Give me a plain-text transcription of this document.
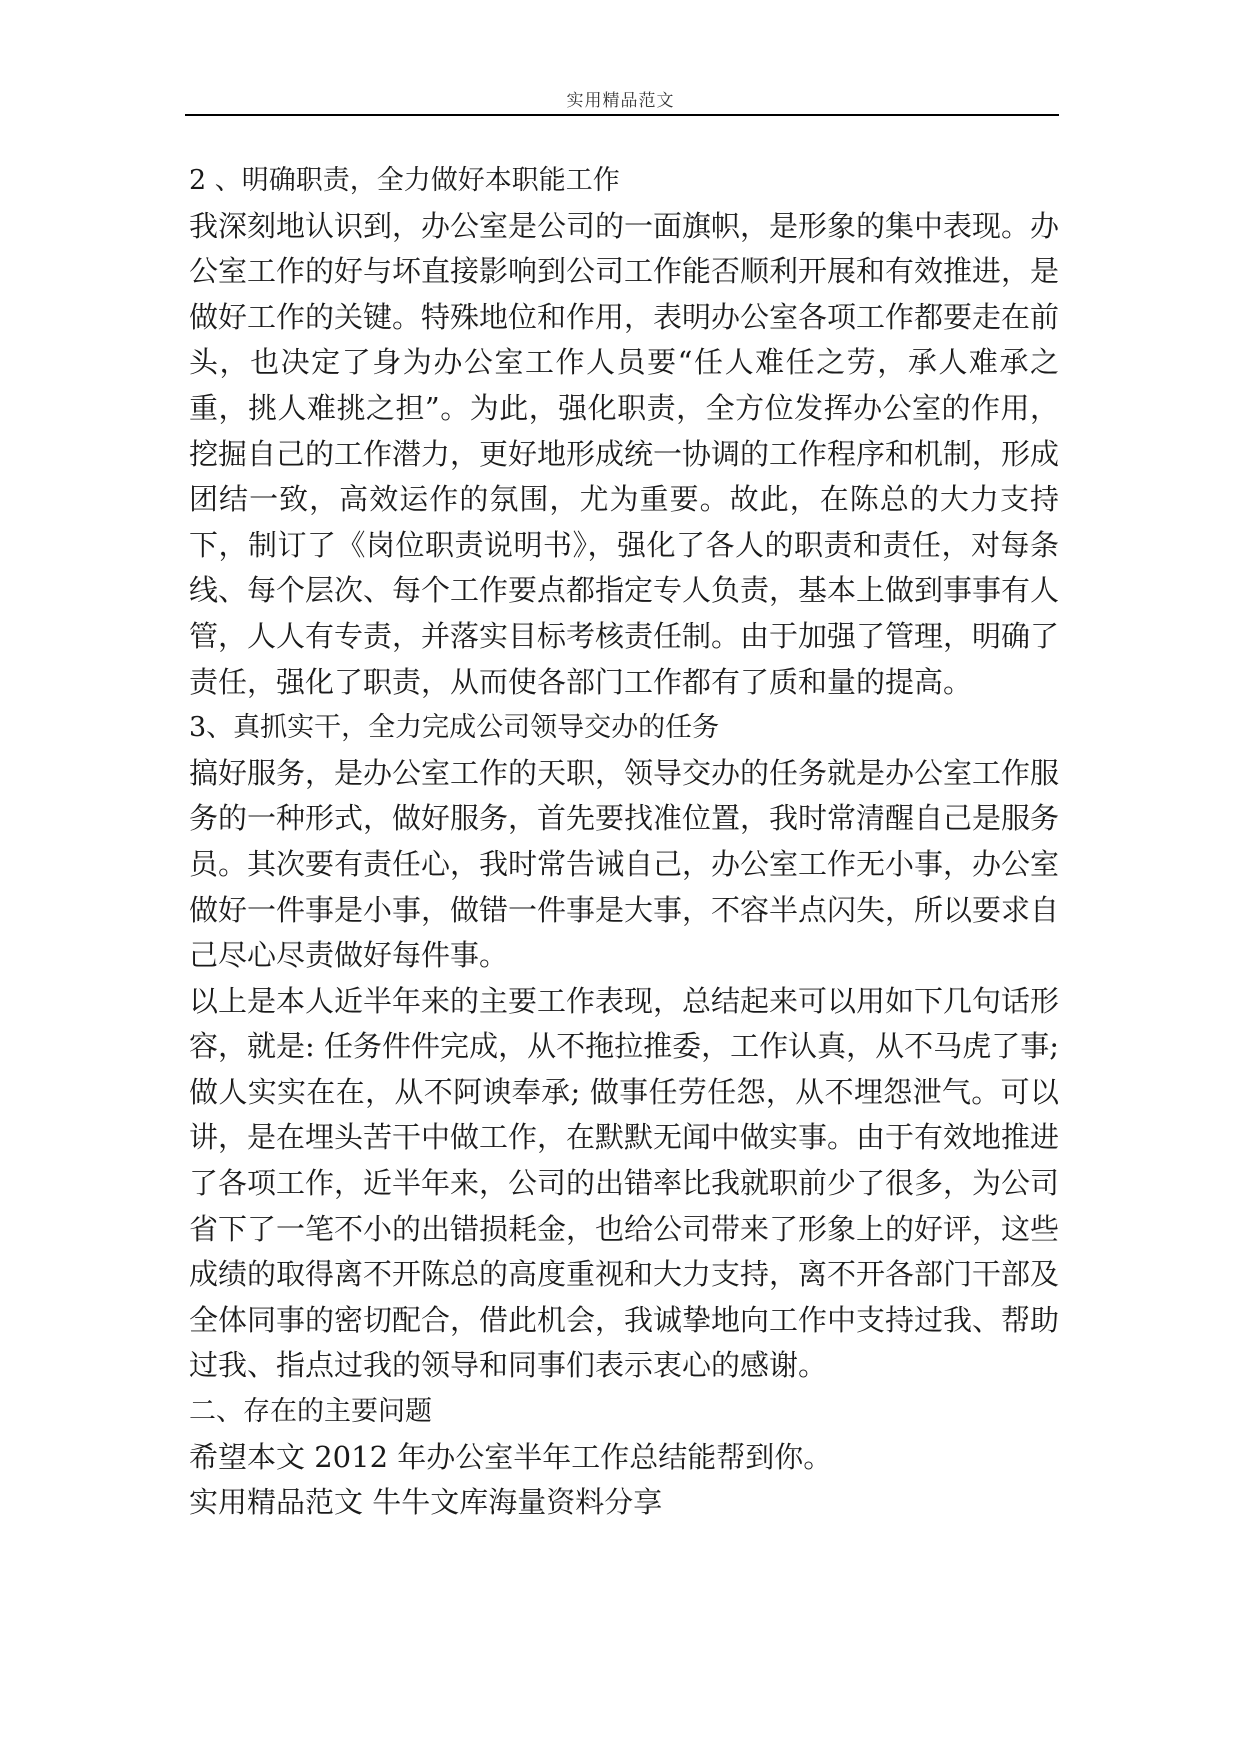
实用精品范文

2 、明确职责，全力做好本职能工作

我深刻地认识到，办公室是公司的一面旗帜，是形象的集中表现。办公室工作的好与坏直接影响到公司工作能否顺利开展和有效推进，是做好工作的关键。特殊地位和作用，表明办公室各项工作都要走在前头，也决定了身为办公室工作人员要“任人难任之劳，承人难承之重，挑人难挑之担”。为此，强化职责，全方位发挥办公室的作用，挖掘自己的工作潜力，更好地形成统一协调的工作程序和机制，形成团结一致，高效运作的氛围，尤为重要。故此，在陈总的大力支持下，制订了《岗位职责说明书》，强化了各人的职责和责任，对每条线、每个层次、每个工作要点都指定专人负责，基本上做到事事有人管，人人有专责，并落实目标考核责任制。由于加强了管理，明确了责任，强化了职责，从而使各部门工作都有了质和量的提高。

3、真抓实干，全力完成公司领导交办的任务

搞好服务，是办公室工作的天职，领导交办的任务就是办公室工作服务的一种形式，做好服务，首先要找准位置，我时常清醒自己是服务员。其次要有责任心，我时常告诫自己，办公室工作无小事，办公室做好一件事是小事，做错一件事是大事，不容半点闪失，所以要求自己尽心尽责做好每件事。

以上是本人近半年来的主要工作表现，总结起来可以用如下几句话形容，就是: 任务件件完成，从不拖拉推委，工作认真，从不马虎了事; 做人实实在在，从不阿谀奉承; 做事任劳任怨，从不埋怨泄气。可以讲，是在埋头苦干中做工作，在默默无闻中做实事。由于有效地推进了各项工作，近半年来，公司的出错率比我就职前少了很多，为公司省下了一笔不小的出错损耗金，也给公司带来了形象上的好评，这些成绩的取得离不开陈总的高度重视和大力支持，离不开各部门干部及全体同事的密切配合，借此机会，我诚挚地向工作中支持过我、帮助过我、指点过我的领导和同事们表示衷心的感谢。

二、存在的主要问题

希望本文 2012 年办公室半年工作总结能帮到你。

实用精品范文 牛牛文库海量资料分享
